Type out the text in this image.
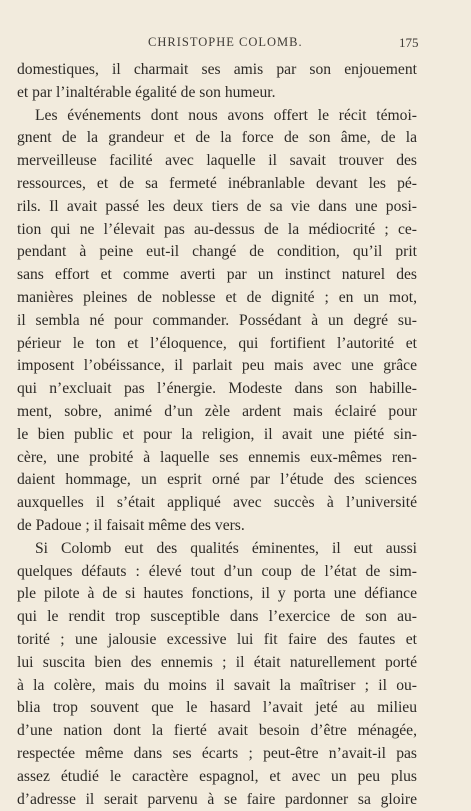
CHRISTOPHE COLOMB.	175
domestiques, il charmait ses amis par son enjouement
et par l’inaltérable égalité de son humeur.
Les événements dont nous avons offert le récit témoi-
gnent de la grandeur et de la force de son âme, de la
merveilleuse facilité avec laquelle il savait trouver des
ressources, et de sa fermeté inébranlable devant les pé-
rils. Il avait passé les deux tiers de sa vie dans une posi-
tion qui ne l’élevait pas au-dessus de la médiocrité ; ce-
pendant à peine eut-il changé de condition, qu’il prit
sans effort et comme averti par un instinct naturel des
manières pleines de noblesse et de dignité ; en un mot,
il sembla né pour commander. Possédant à un degré su-
périeur le ton et l’éloquence, qui fortifient l’autorité et
imposent l’obéissance, il parlait peu mais avec une grâce
qui n’excluait pas l’énergie. Modeste dans son habille-
ment, sobre, animé d’un zèle ardent mais éclairé pour
le bien public et pour la religion, il avait une piété sin-
cère, une probité à laquelle ses ennemis eux-mêmes ren-
daient hommage, un esprit orné par l’étude des sciences
auxquelles il s’était appliqué avec succès à l’université
de Padoue ; il faisait même des vers.
Si Colomb eut des qualités éminentes, il eut aussi
quelques défauts : élevé tout d’un coup de l’état de sim-
ple pilote à de si hautes fonctions, il y porta une défiance
qui le rendit trop susceptible dans l’exercice de son au-
torité ; une jalousie excessive lui fit faire des fautes et
lui suscita bien des ennemis ; il était naturellement porté
à la colère, mais du moins il savait la maîtriser ; il ou-
blia trop souvent que le hasard l’avait jeté au milieu
d’une nation dont la fierté avait besoin d’être ménagée,
respectée même dans ses écarts ; peut-être n’avait-il pas
assez étudié le caractère espagnol, et avec un peu plus
d’adresse il serait parvenu à se faire pardonner sa gloire
